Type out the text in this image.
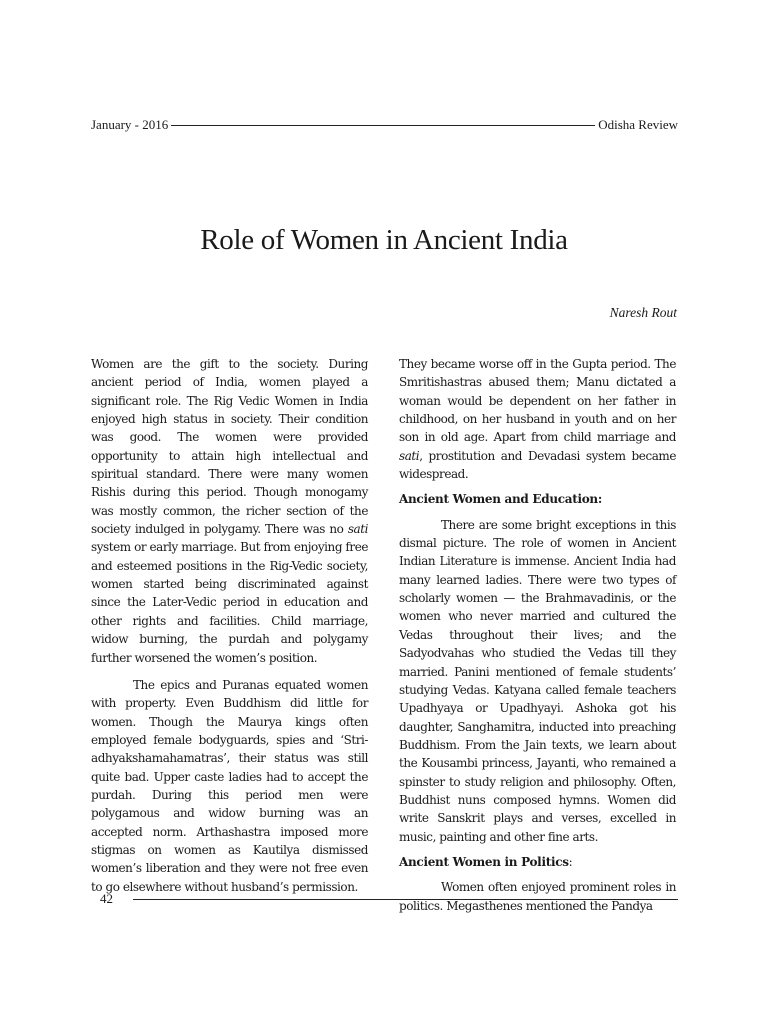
January - 2016	Odisha Review
Role of Women in Ancient India
Naresh Rout

Women are the gift to the society. During ancient period of India, women played a significant role. The Rig Vedic Women in India enjoyed high status in society. Their condition was good. The women were provided opportunity to attain high intellectual and spiritual standard. There were many women Rishis during this period. Though monogamy was mostly common, the richer section of the society indulged in polygamy. There was no sati system or early marriage. But from enjoying free and esteemed positions in the Rig-Vedic society, women started being discriminated against since the Later-Vedic period in education and other rights and facilities. Child marriage, widow burning, the purdah and polygamy further worsened the women’s position.

The epics and Puranas equated women with property. Even Buddhism did little for women. Though the Maurya kings often employed female bodyguards, spies and ‘Stri-adhyakshamahamatras’, their status was still quite bad. Upper caste ladies had to accept the purdah. During this period men were polygamous and widow burning was an accepted norm. Arthashastra imposed more stigmas on women as Kautilya dismissed women’s liberation and they were not free even to go elsewhere without husband’s permission.

They became worse off in the Gupta period. The Smritishastras abused them; Manu dictated a woman would be dependent on her father in childhood, on her husband in youth and on her son in old age. Apart from child marriage and sati, prostitution and Devadasi system became widespread.

Ancient Women and Education:

There are some bright exceptions in this dismal picture. The role of women in Ancient Indian Literature is immense. Ancient India had many learned ladies. There were two types of scholarly women — the Brahmavadinis, or the women who never married and cultured the Vedas throughout their lives; and the Sadyodvahas who studied the Vedas till they married. Panini mentioned of female students’ studying Vedas. Katyana called female teachers Upadhyaya or Upadhyayi. Ashoka got his daughter, Sanghamitra, inducted into preaching Buddhism. From the Jain texts, we learn about the Kousambi princess, Jayanti, who remained a spinster to study religion and philosophy. Often, Buddhist nuns composed hymns. Women did write Sanskrit plays and verses, excelled in music, painting and other fine arts.

Ancient Women in Politics:

Women often enjoyed prominent roles in politics. Megasthenes mentioned the Pandya

42
